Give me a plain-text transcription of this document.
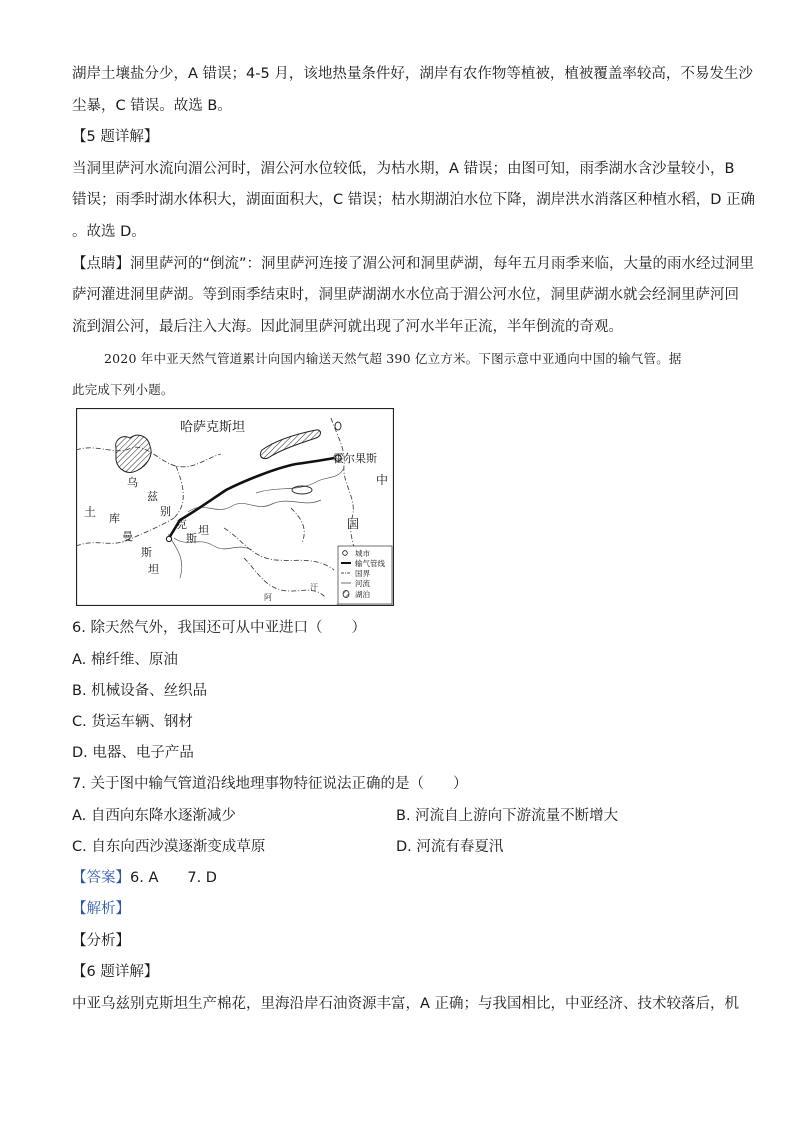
湖岸土壤盐分少，A 错误；4-5 月，该地热量条件好，湖岸有农作物等植被，植被覆盖率较高，不易发生沙
尘暴，C 错误。故选 B。
【5 题详解】
当洞里萨河水流向湄公河时，湄公河水位较低，为枯水期，A 错误；由图可知，雨季湖水含沙量较小，B
错误；雨季时湖水体积大，湖面面积大，C 错误；枯水期湖泊水位下降，湖岸洪水消落区种植水稻，D 正确
。故选 D。
【点睛】洞里萨河的“倒流”：洞里萨河连接了湄公河和洞里萨湖，每年五月雨季来临，大量的雨水经过洞里
萨河灌进洞里萨湖。等到雨季结束时，洞里萨湖湖水水位高于湄公河水位，洞里萨湖水就会经洞里萨河回
流到湄公河，最后注入大海。因此洞里萨河就出现了河水半年正流，半年倒流的奇观。
2020 年中亚天然气管道累计向国内输送天然气超 390 亿立方米。下图示意中亚通向中国的输气管。据
此完成下列小题。
哈萨克斯坦
霍尔果斯
中
国
乌
兹
别
克
斯
坦
土 库
曼
斯
坦
阿
汗
城市
输气管线
国界
河流
湖泊
6. 除天然气外，我国还可从中亚进口（　　）
A. 棉纤维、原油
B. 机械设备、丝织品
C. 货运车辆、钢材
D. 电器、电子产品
7. 关于图中输气管道沿线地理事物特征说法正确的是（　　）
A. 自西向东降水逐渐减少	B. 河流自上游向下游流量不断增大
C. 自东向西沙漠逐渐变成草原	D. 河流有春夏汛
【答案】6. A　　7. D
【解析】
【分析】
【6 题详解】
中亚乌兹别克斯坦生产棉花，里海沿岸石油资源丰富，A 正确；与我国相比，中亚经济、技术较落后，机
